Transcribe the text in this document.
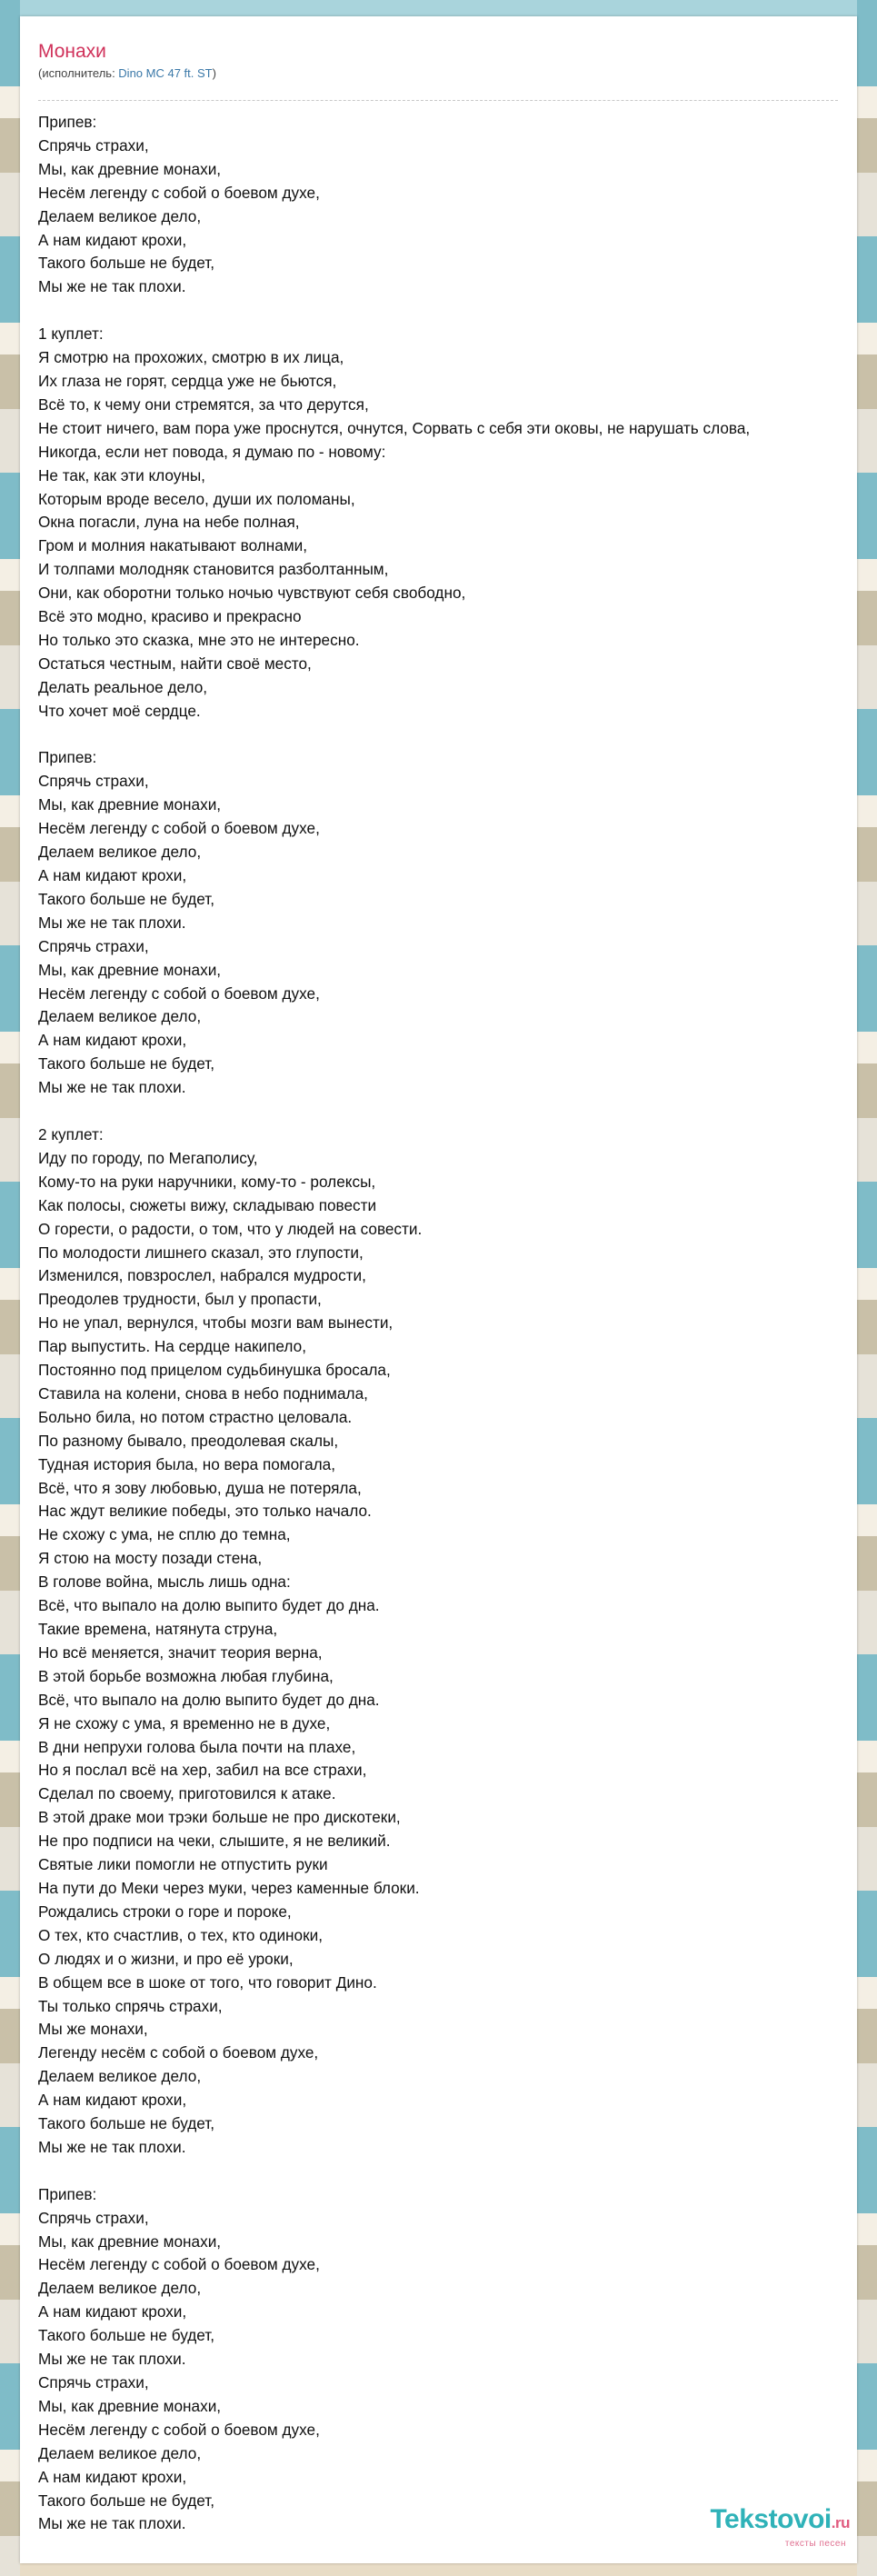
Монахи
(исполнитель: Dino MC 47 ft. ST)
Припев:
Спрячь страхи,
Мы, как древние монахи,
Несём легенду с собой о боевом духе,
Делаем великое дело,
А нам кидают крохи,
Такого больше не будет,
Мы же не так плохи.

1 куплет:
Я смотрю на прохожих, смотрю в их лица,
Их глаза не горят, сердца уже не бьются,
Всё то, к чему они стремятся, за что дерутся,
Не стоит ничего, вам пора уже проснутся, очнутся, Сорвать с себя эти оковы, не нарушать слова,
Никогда, если нет повода, я думаю по - новому:
Не так, как эти клоуны,
Которым вроде весело, души их поломаны,
Окна погасли, луна на небе полная,
Гром и молния накатывают волнами,
И толпами молодняк становится разболтанным,
Они, как оборотни только ночью чувствуют себя свободно,
Всё это модно, красиво и прекрасно
Но только это сказка, мне это не интересно.
Остаться честным, найти своё место,
Делать реальное дело,
Что хочет моё сердце.

Припев:
Спрячь страхи,
Мы, как древние монахи,
Несём легенду с собой о боевом духе,
Делаем великое дело,
А нам кидают крохи,
Такого больше не будет,
Мы же не так плохи.
Спрячь страхи,
Мы, как древние монахи,
Несём легенду с собой о боевом духе,
Делаем великое дело,
А нам кидают крохи,
Такого больше не будет,
Мы же не так плохи.

2 куплет:
Иду по городу, по Мегаполису,
Кому-то на руки наручники, кому-то - ролексы,
Как полосы, сюжеты вижу, складываю повести
О горести, о радости, о том, что у людей на совести.
По молодости лишнего сказал, это глупости,
Изменился, повзрослел, набрался мудрости,
Преодолев трудности, был у пропасти,
Но не упал, вернулся, чтобы мозги вам вынести,
Пар выпустить. На сердце накипело,
Постоянно под прицелом судьбинушка бросала,
Ставила на колени, снова в небо поднимала,
Больно била, но потом страстно целовала.
По разному бывало, преодолевая скалы,
Тудная история была, но вера помогала,
Всё, что я зову любовью, душа не потеряла,
Нас ждут великие победы, это только начало.
Не схожу с ума, не сплю до темна,
Я стою на мосту позади стена,
В голове война, мысль лишь одна:
Всё, что выпало на долю выпито будет до дна.
Такие времена, натянута струна,
Но всё меняется, значит теория верна,
В этой борьбе возможна любая глубина,
Всё, что выпало на долю выпито будет до дна.
Я не схожу с ума, я временно не в духе,
В дни непрухи голова была почти на плахе,
Но я послал всё на хер, забил на все страхи,
Сделал по своему, приготовился к атаке.
В этой драке мои трэки больше не про дискотеки,
Не про подписи на чеки, слышите, я не великий.
Святые лики помогли не отпустить руки
На пути до Меки через муки, через каменные блоки.
Рождались строки о горе и пороке,
О тех, кто счастлив, о тех, кто одиноки,
О людях и о жизни, и про её уроки,
В общем все в шоке от того, что говорит Дино.
Ты только спрячь страхи,
Мы же монахи,
Легенду несём с собой о боевом духе,
Делаем великое дело,
А нам кидают крохи,
Такого больше не будет,
Мы же не так плохи.

Припев:
Спрячь страхи,
Мы, как древние монахи,
Несём легенду с собой о боевом духе,
Делаем великое дело,
А нам кидают крохи,
Такого больше не будет,
Мы же не так плохи.
Спрячь страхи,
Мы, как древние монахи,
Несём легенду с собой о боевом духе,
Делаем великое дело,
А нам кидают крохи,
Такого больше не будет,
Мы же не так плохи.	Tekstovoi.ru
тексты песен
